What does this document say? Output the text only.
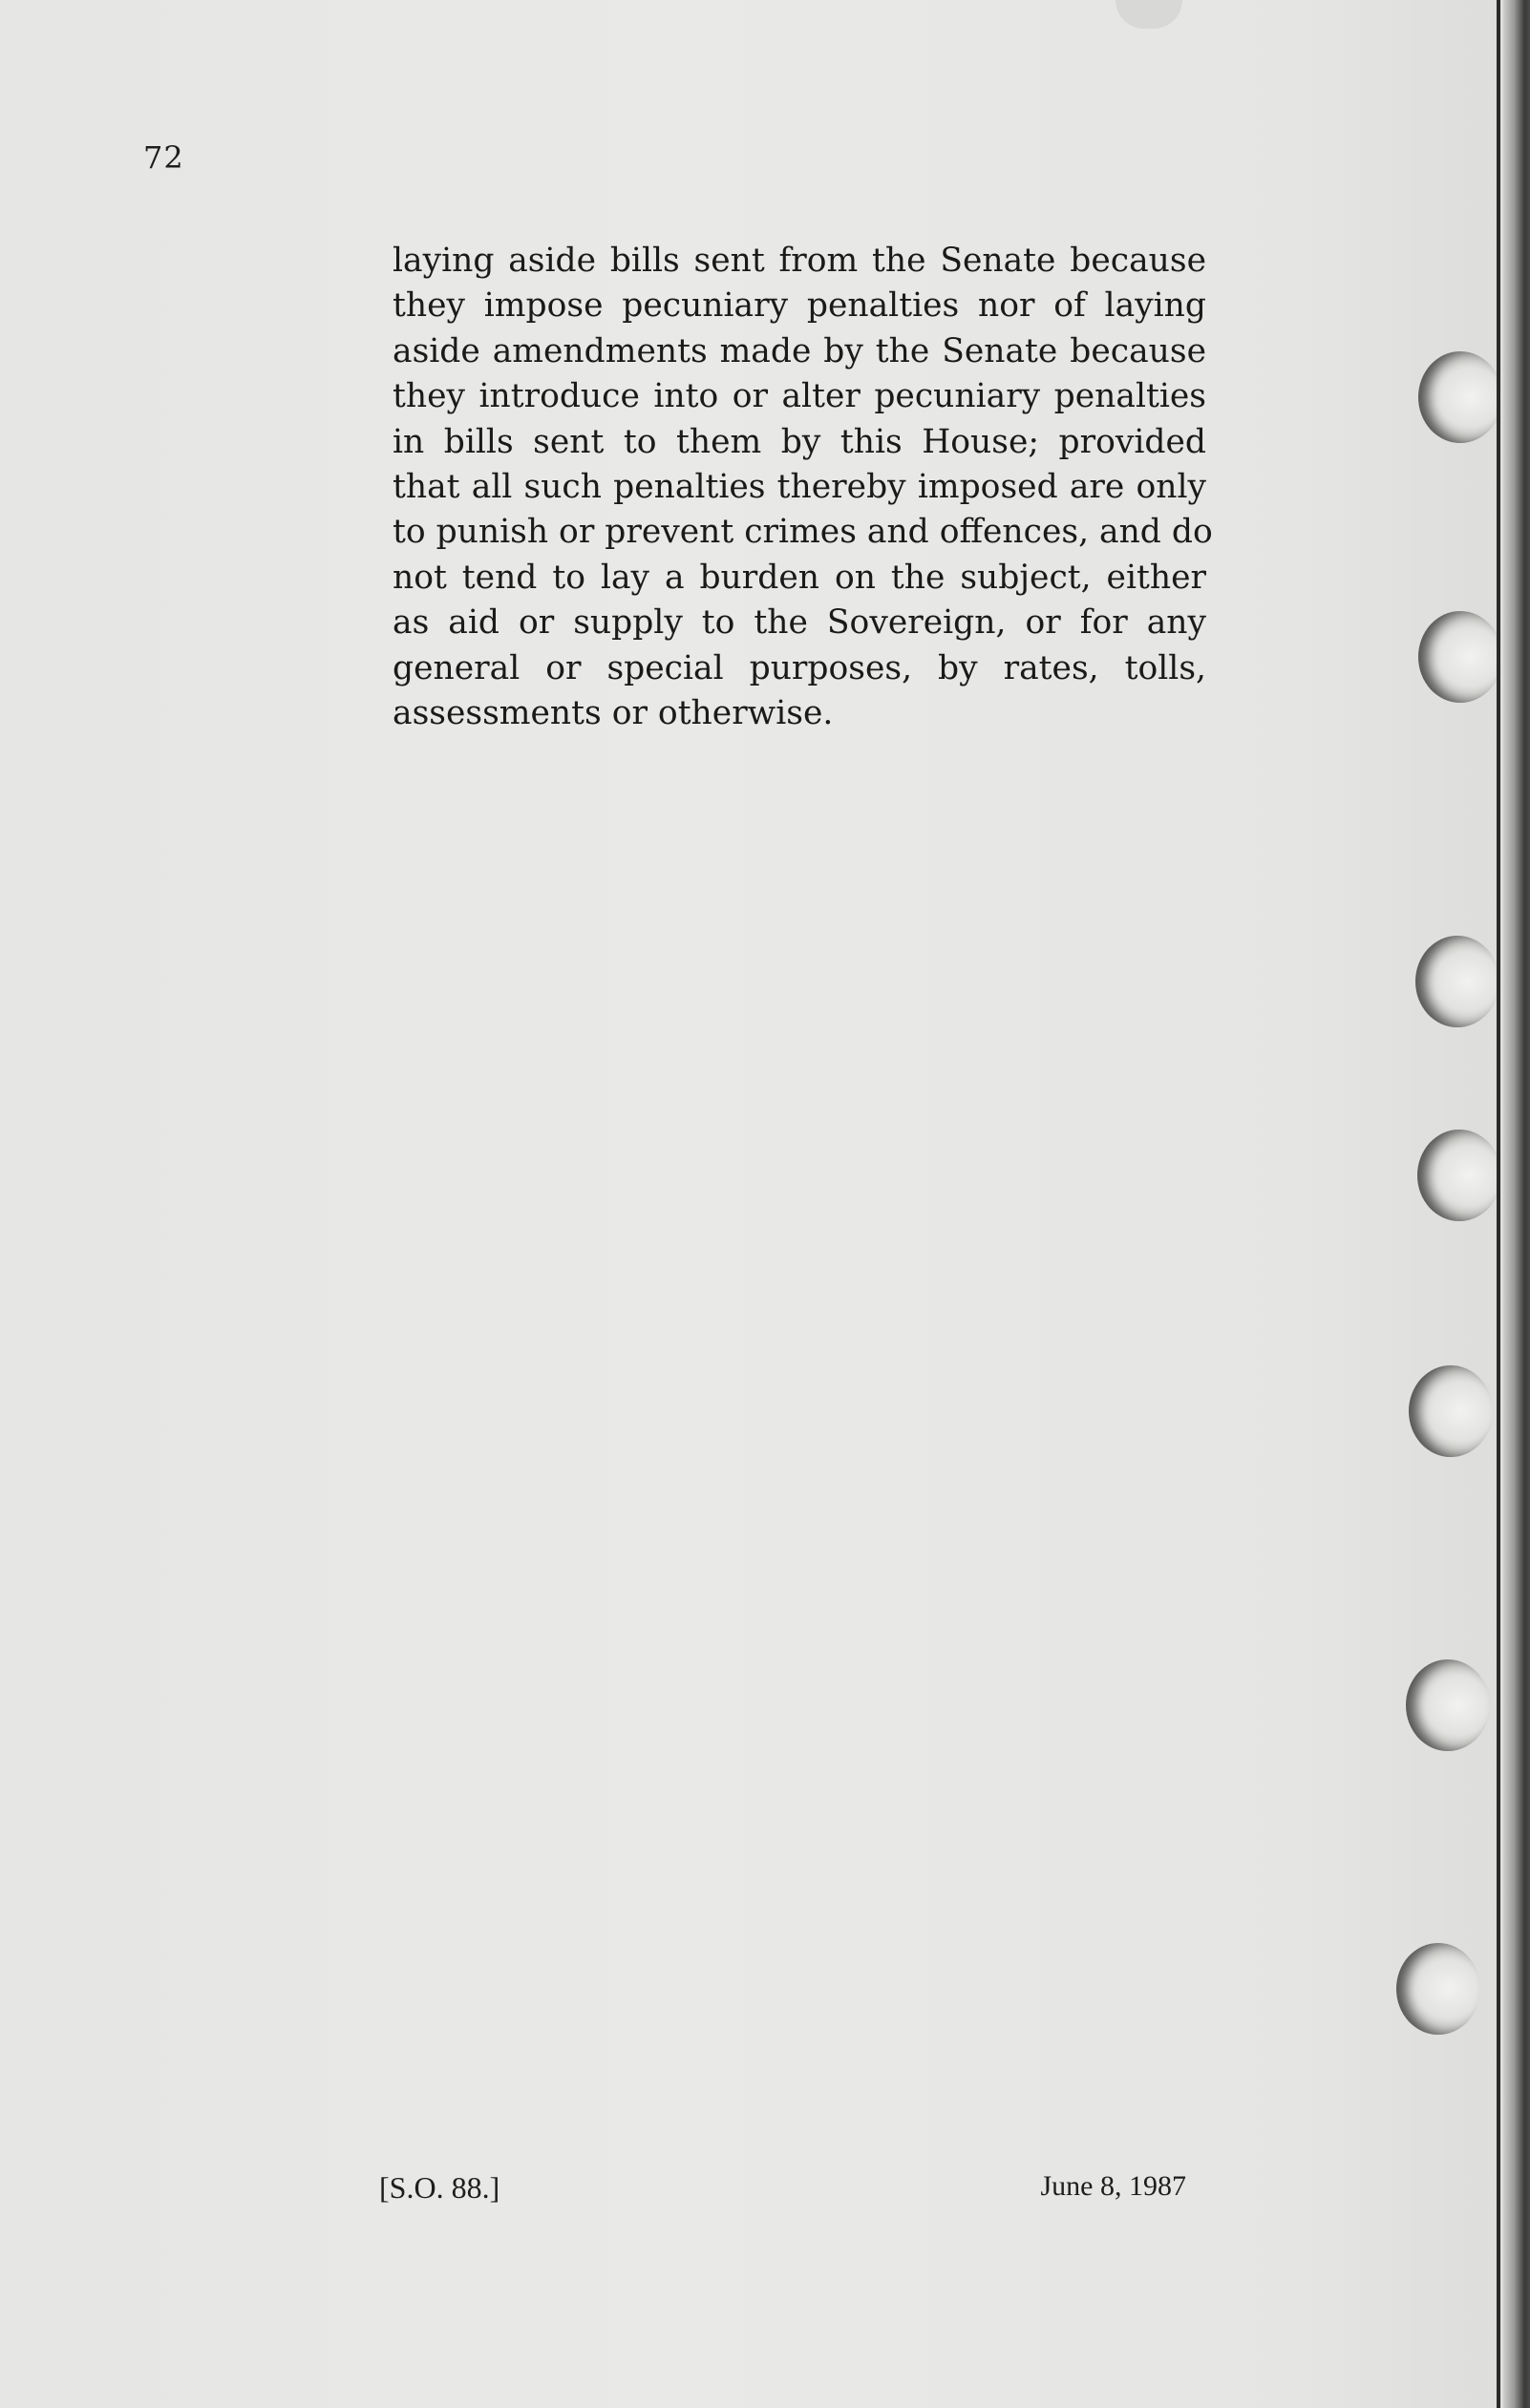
72
laying aside bills sent from the Senate because
they impose pecuniary penalties nor of laying
aside amendments made by the Senate because
they introduce into or alter pecuniary penalties
in bills sent to them by this House; provided
that all such penalties thereby imposed are only
to punish or prevent crimes and offences, and do
not tend to lay a burden on the subject, either
as aid or supply to the Sovereign, or for any
general or special purposes, by rates, tolls,
assessments or otherwise.
[S.O. 88.]	June 8, 1987
